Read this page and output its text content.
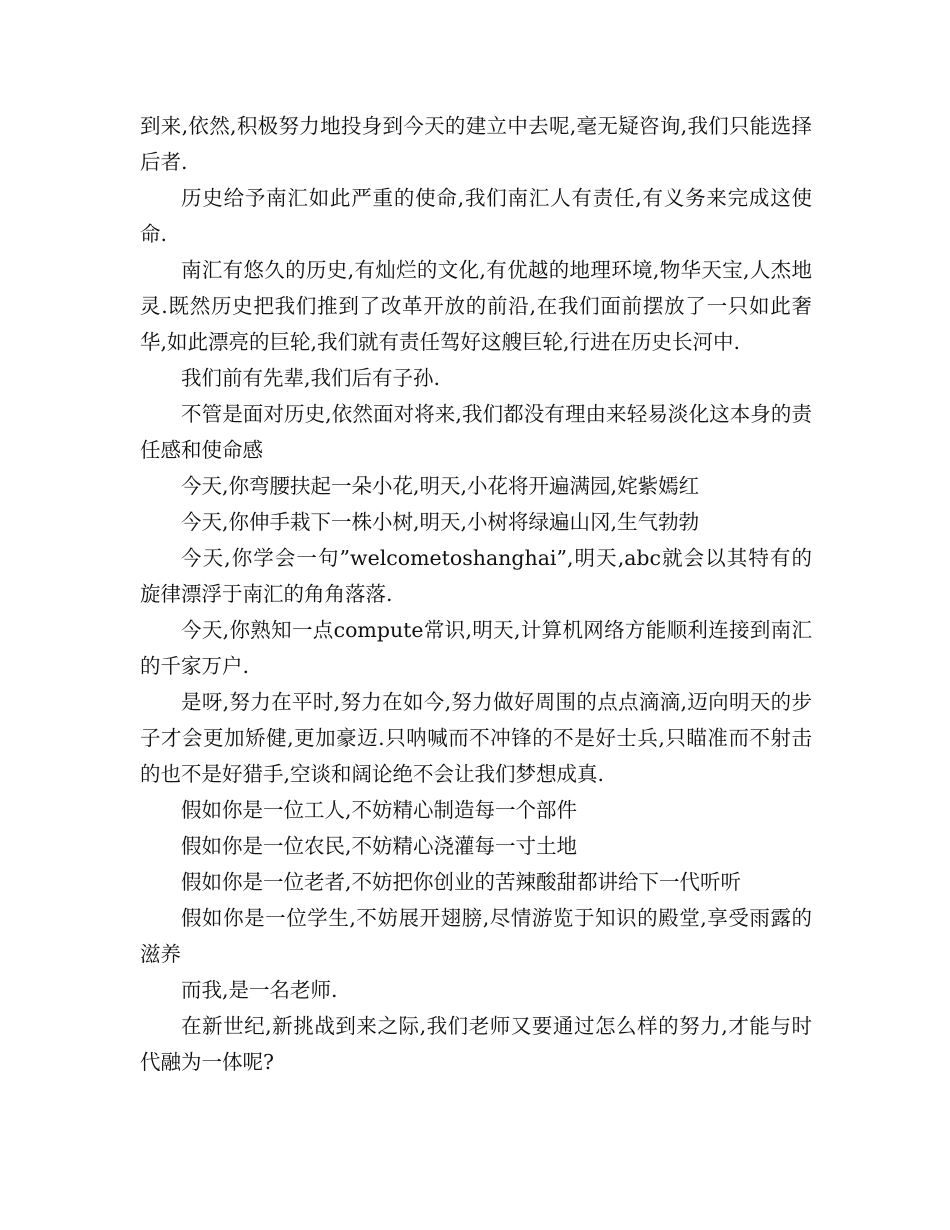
到来,依然,积极努力地投身到今天的建立中去呢,毫无疑咨询,我们只能选择后者.

历史给予南汇如此严重的使命,我们南汇人有责任,有义务来完成这使命.

南汇有悠久的历史,有灿烂的文化,有优越的地理环境,物华天宝,人杰地灵.既然历史把我们推到了改革开放的前沿,在我们面前摆放了一只如此奢华,如此漂亮的巨轮,我们就有责任驾好这艘巨轮,行进在历史长河中.

我们前有先辈,我们后有子孙.

不管是面对历史,依然面对将来,我们都没有理由来轻易淡化这本身的责任感和使命感

今天,你弯腰扶起一朵小花,明天,小花将开遍满园,姹紫嫣红

今天,你伸手栽下一株小树,明天,小树将绿遍山冈,生气勃勃

今天,你学会一句”welcometoshanghai”,明天,abc就会以其特有的旋律漂浮于南汇的角角落落.

今天,你熟知一点compute常识,明天,计算机网络方能顺利连接到南汇的千家万户.

是呀,努力在平时,努力在如今,努力做好周围的点点滴滴,迈向明天的步子才会更加矫健,更加豪迈.只呐喊而不冲锋的不是好士兵,只瞄准而不射击的也不是好猎手,空谈和阔论绝不会让我们梦想成真.

假如你是一位工人,不妨精心制造每一个部件

假如你是一位农民,不妨精心浇灌每一寸土地

假如你是一位老者,不妨把你创业的苦辣酸甜都讲给下一代听听

假如你是一位学生,不妨展开翅膀,尽情游览于知识的殿堂,享受雨露的滋养

而我,是一名老师.

在新世纪,新挑战到来之际,我们老师又要通过怎么样的努力,才能与时代融为一体呢?
